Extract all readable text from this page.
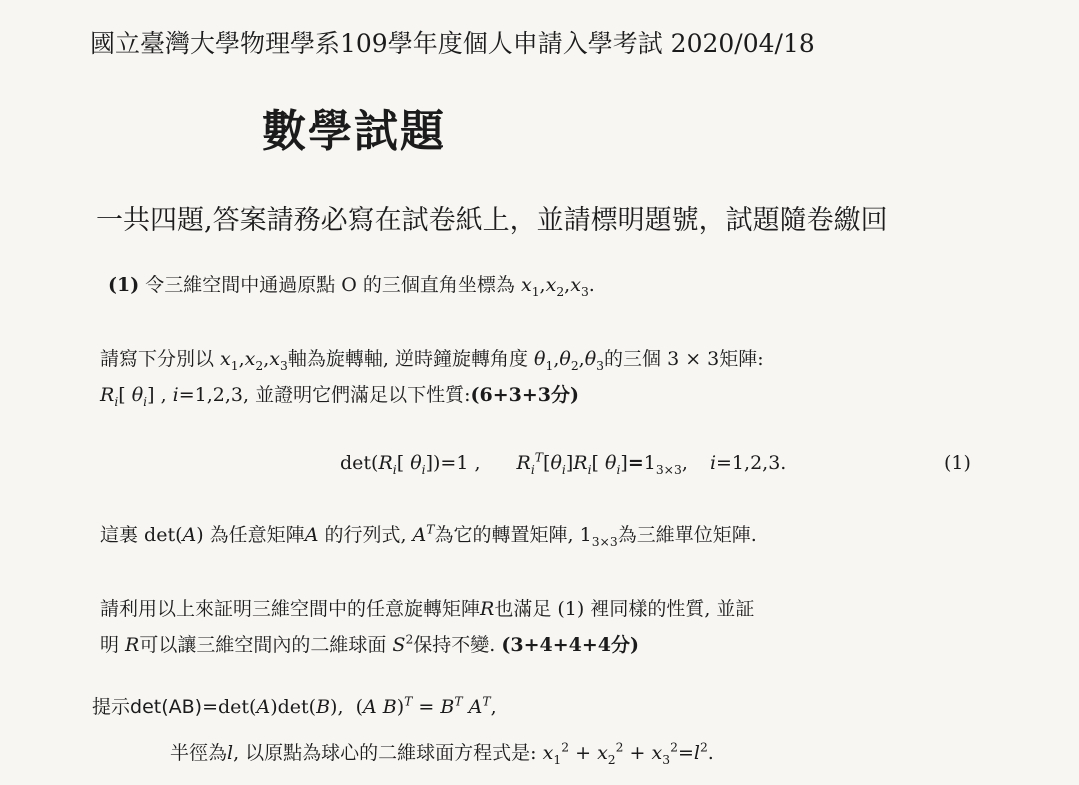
國立臺灣大學物理學系109學年度個人申請入學考試 2020/04/18
數學試題
一共四題,答案請務必寫在試卷紙上，並請標明題號，試題隨卷繳回
(1) 令三維空間中通過原點 O 的三個直角坐標為 $x_1,x_2,x_3$.
請寫下分別以 $x_1,x_2,x_3$軸為旋轉軸, 逆時鐘旋轉角度 $\theta_1,\theta_2,\theta_3$的三個 3 × 3矩陣:
$R_i$[ $\theta_i$] , i=1,2,3, 並證明它們滿足以下性質:(6+3+3分)
$\det(R_i$[ $\theta_i])=1$ , $R_i^T[\theta_i]R_i$[ $\theta_i]=1_{3\times 3}$, i=1,2,3.	(1)
這裏 det(A) 為任意矩陣A 的行列式, $A^T$為它的轉置矩陣, $1_{3\times 3}$為三維單位矩陣.
請利用以上來証明三維空間中的任意旋轉矩陣R也滿足 (1) 裡同樣的性質, 並証
明 R可以讓三維空間內的二維球面 $S^2$保持不變. (3+4+4+4分)
提示det(AB)=det(A)det(B),  (A $B)^T = B^T$ $A^T$,
半徑為l, 以原點為球心的二維球面方程式是: $x_1^2 + x_2^2 + x_3^2=l^2$.
